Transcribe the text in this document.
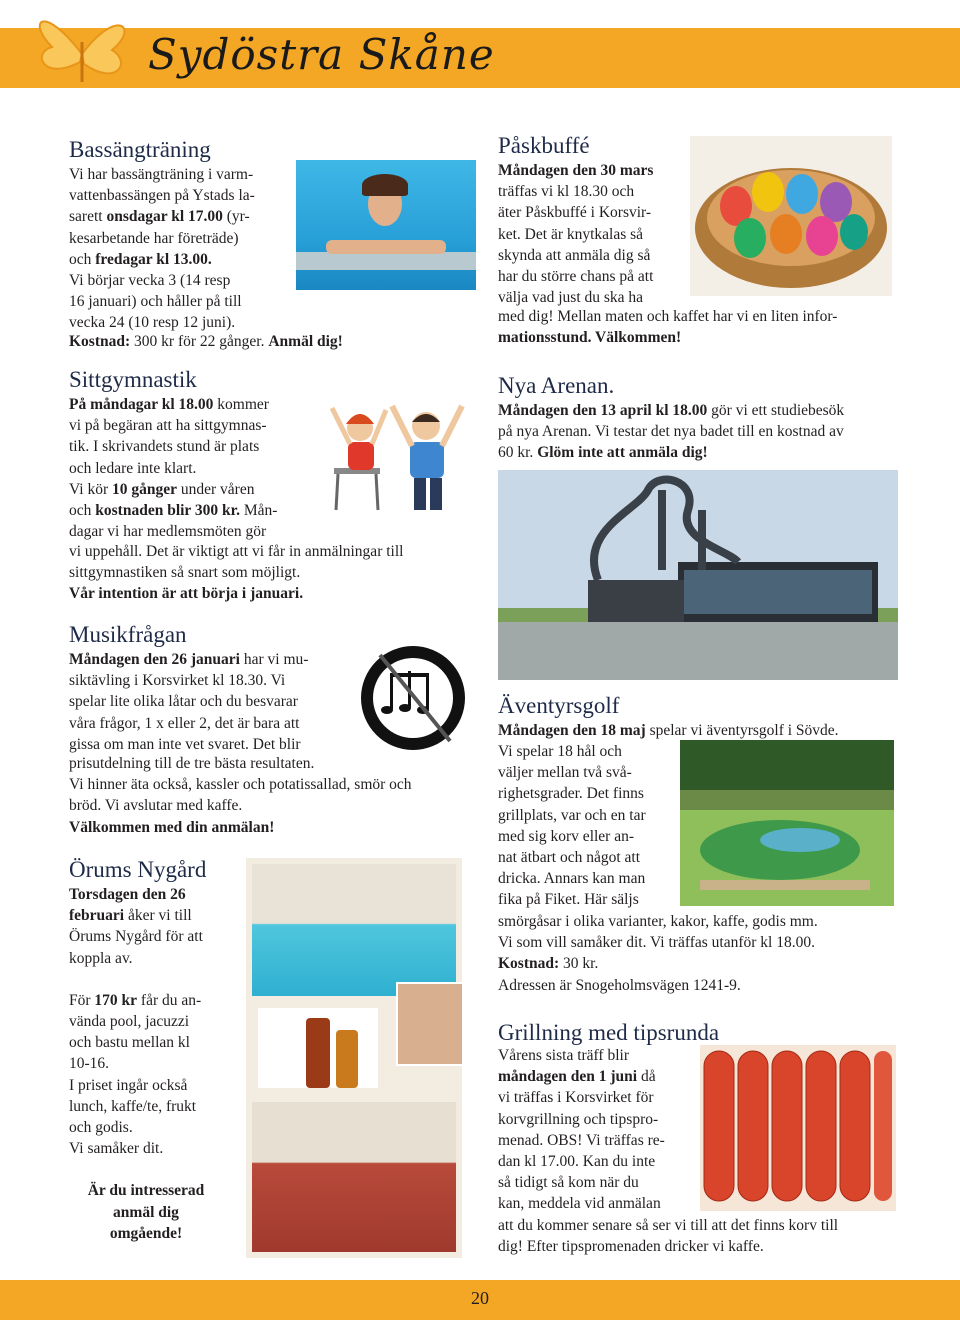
Sydöstra Skåne
Bassängträning

Vi har bassängträning i varm-

vattenbassängen på Ystads la-

sarett onsdagar kl 17.00 (yr-

kesarbetande har företräde)

och fredagar kl 13.00.

Vi börjar vecka 3 (14 resp

16 januari) och håller på till

vecka 24 (10 resp 12 juni).

Kostnad: 300 kr för 22 gånger. Anmäl dig!

Sittgymnastik

På måndagar kl 18.00 kommer

vi på begäran att ha sittgymnas-

tik. I skrivandets stund är plats

och ledare inte klart.

Vi kör 10 gånger under våren

och kostnaden blir 300 kr. Mån-

dagar vi har medlemsmöten gör

vi uppehåll. Det är viktigt att vi får in anmälningar till

sittgymnastiken så snart som möjligt.

Vår intention är att börja i januari.

Musikfrågan

Måndagen den 26 januari har vi mu-

siktävling i Korsvirket kl 18.30. Vi

spelar lite olika låtar och du besvarar

våra frågor, 1 x eller 2, det är bara att

gissa om man inte vet svaret. Det blir

prisutdelning till de tre bästa resultaten.

Vi hinner äta också, kassler och potatissallad, smör och

bröd. Vi avslutar med kaffe.

Välkommen med din anmälan!

Örums Nygård

Torsdagen den 26

februari åker vi till

Örums Nygård för att

koppla av.

För 170 kr får du an-

vända pool, jacuzzi

och bastu mellan kl

10-16.

I priset ingår också

lunch, kaffe/te, frukt

och godis.

Vi samåker dit.

Är du intresserad

anmäl dig

omgående!

Påskbuffé

Måndagen den 30 mars

träffas vi kl 18.30 och

äter Påskbuffé i Korsvir-

ket. Det är knytkalas så

skynda att anmäla dig så

har du större chans på att

välja vad just du ska ha

med dig! Mellan maten och kaffet har vi en liten infor-

mationsstund. Välkommen!

Nya Arenan.

Måndagen den 13 april kl 18.00 gör vi ett studiebesök

på nya Arenan. Vi testar det nya badet till en kostnad av

60 kr. Glöm inte att anmäla dig!

Äventyrsgolf

Måndagen den 18 maj spelar vi äventyrsgolf i Sövde.

Vi spelar 18 hål och

väljer mellan två svå-

righetsgrader. Det finns

grillplats, var och en tar

med sig korv eller an-

nat ätbart och något att

dricka. Annars kan man

fika på Fiket. Här säljs

smörgåsar i olika varianter, kakor, kaffe, godis mm.

Vi som vill samåker dit. Vi träffas utanför kl 18.00.

Kostnad: 30 kr.

Adressen är Snogeholmsvägen 1241-9.

Grillning med tipsrunda

Vårens sista träff blir

måndagen den 1 juni då

vi träffas i Korsvirket för

korvgrillning och tipspro-

menad. OBS! Vi träffas re-

dan kl 17.00. Kan du inte

så tidigt så kom när du

kan, meddela vid anmälan

att du kommer senare så ser vi till att det finns korv till

dig! Efter tipspromenaden dricker vi kaffe.

20
